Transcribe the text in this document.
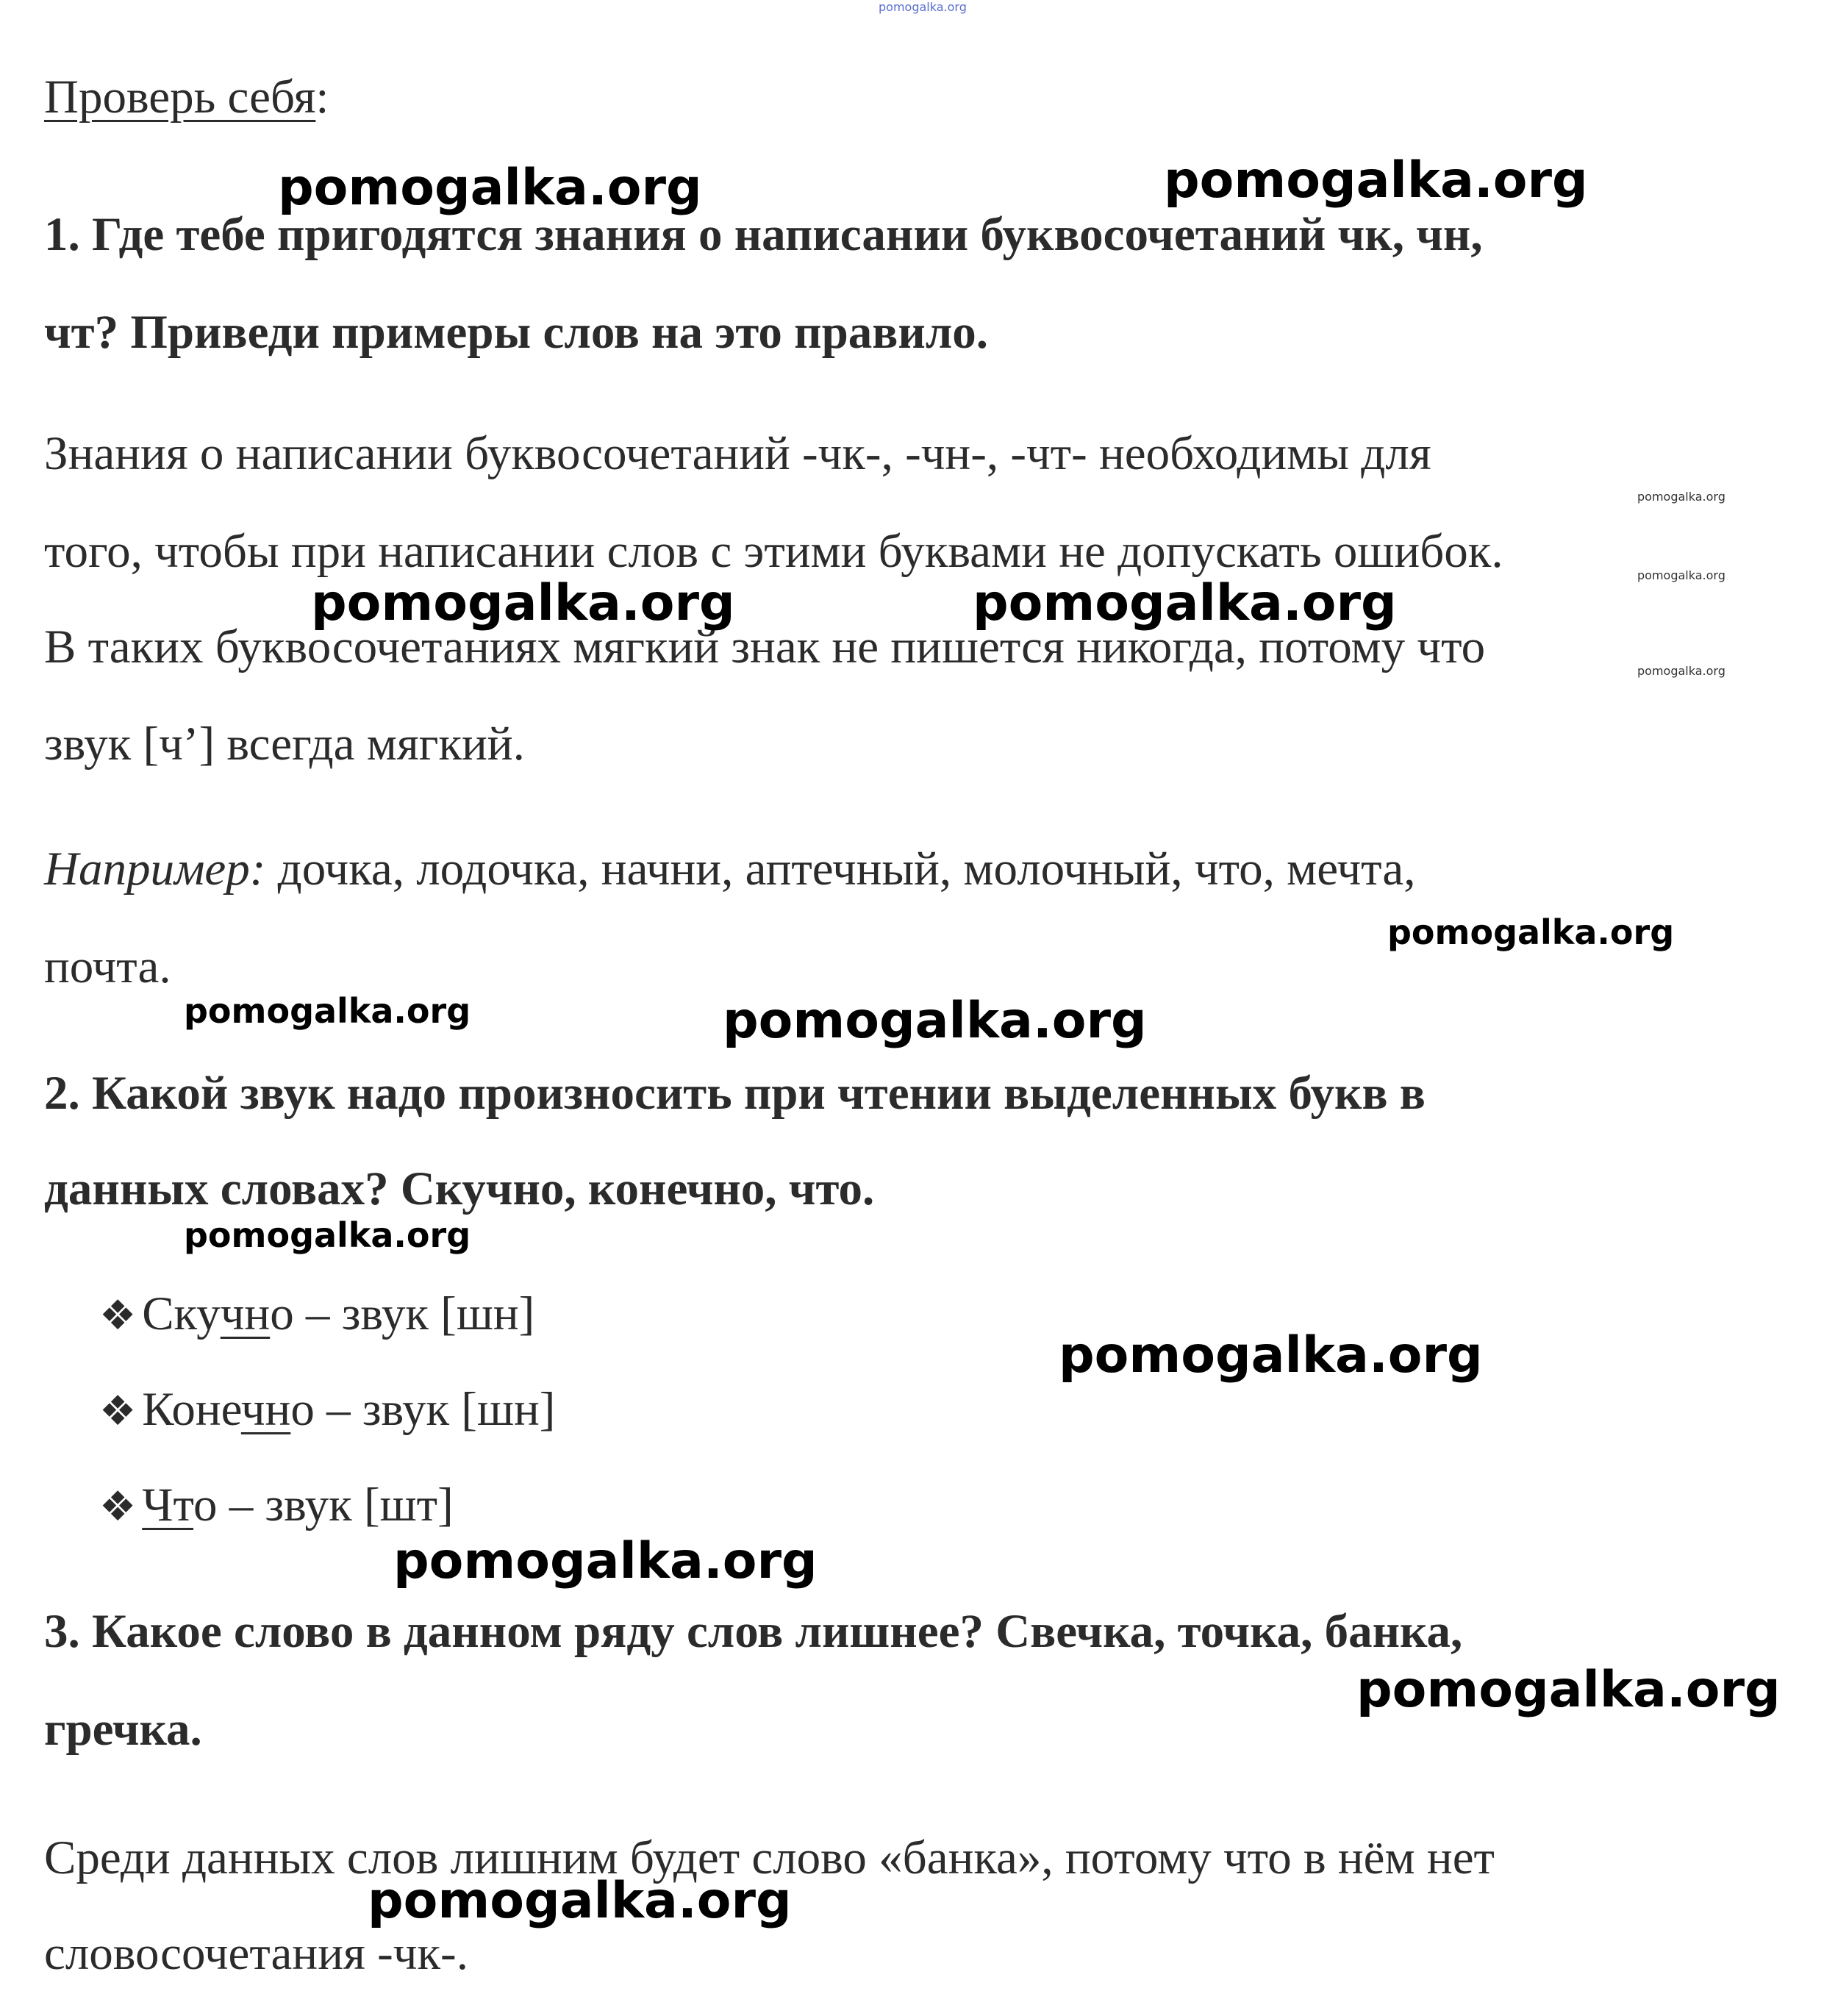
pomogalka.org
Проверь себя:
1. Где тебе пригодятся знания о написании буквосочетаний чк, чн,
чт? Приведи примеры слов на это правило.
Знания о написании буквосочетаний -чк-, -чн-, -чт- необходимы для
того, чтобы при написании слов с этими буквами не допускать ошибок.
В таких буквосочетаниях мягкий знак не пишется никогда, потому что
звук [ч’] всегда мягкий.
Например: дочка, лодочка, начни, аптечный, молочный, что, мечта,
почта.
2. Какой звук надо произносить при чтении выделенных букв в
данных словах? Скучно, конечно, что.
❖ Скучно – звук [шн]
❖ Конечно – звук [шн]
❖ Что – звук [шт]
3. Какое слово в данном ряду слов лишнее? Свечка, точка, банка,
гречка.
Среди данных слов лишним будет слово «банка», потому что в нём нет
словосочетания -чк-.
pomogalka.org	pomogalka.org
pomogalka.org	pomogalka.org
pomogalka.org
pomogalka.org	pomogalka.org
pomogalka.org
pomogalka.org
pomogalka.org
pomogalka.org
pomogalka.org
pomogalka.org
pomogalka.org
pomogalka.org
